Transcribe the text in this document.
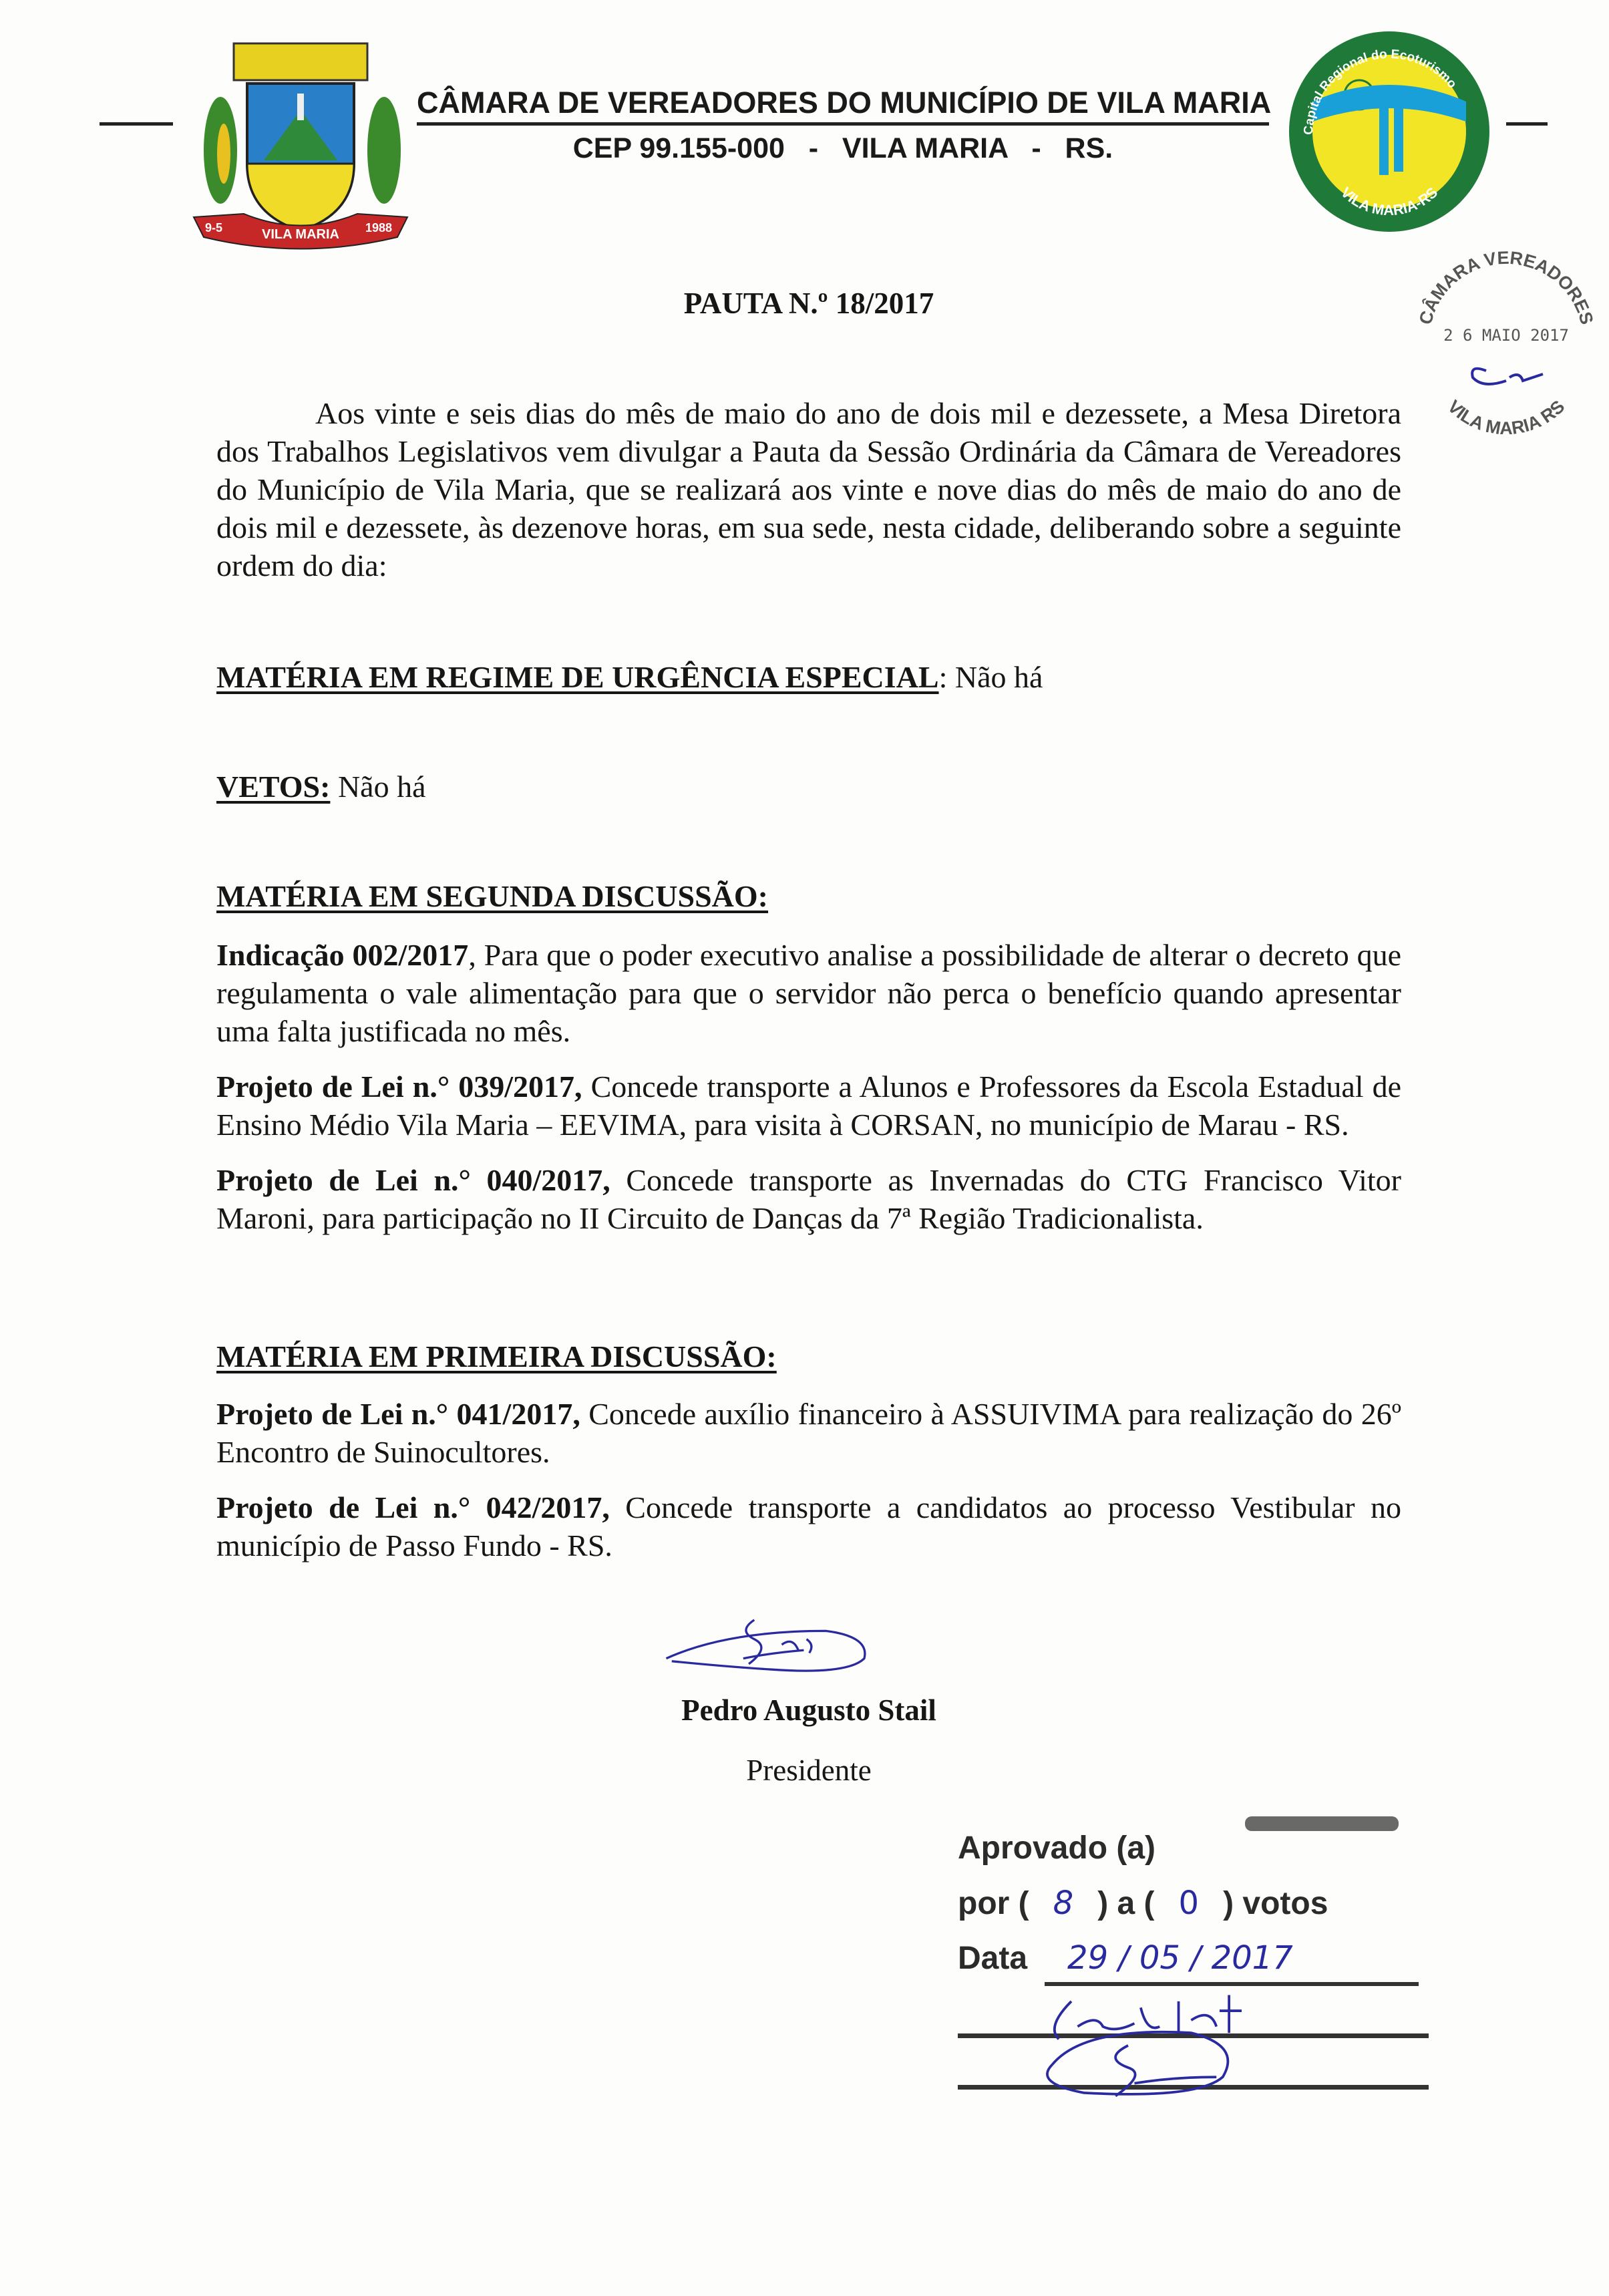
9-5	VILA MARIA 1988
CÂMARA DE VEREADORES DO MUNICÍPIO DE VILA MARIA
CEP 99.155-000   -   VILA MARIA   -   RS.
Capital Regional do Ecoturismo
VILA MARIA-RS
CÂMARA VEREADORES
VILA MARIA RS
2 6 MAIO 2017
PAUTA N.º 18/2017
Aos vinte e seis dias do mês de maio do ano de dois mil e dezessete, a Mesa Diretora dos Trabalhos Legislativos vem divulgar a Pauta da Sessão Ordinária da Câmara de Vereadores do Município de Vila Maria, que se realizará aos vinte e nove dias do mês de maio do ano de dois mil e dezessete, às dezenove horas, em sua sede, nesta cidade, deliberando sobre a seguinte ordem do dia:
MATÉRIA EM REGIME DE URGÊNCIA ESPECIAL: Não há
VETOS: Não há
MATÉRIA EM SEGUNDA DISCUSSÃO:
Indicação 002/2017, Para que o poder executivo analise a possibilidade de alterar o decreto que regulamenta o vale alimentação para que o servidor não perca o benefício quando apresentar uma falta justificada no mês.
Projeto de Lei n.° 039/2017, Concede transporte a Alunos e Professores da Escola Estadual de Ensino Médio Vila Maria – EEVIMA, para visita à CORSAN, no município de Marau - RS.
Projeto de Lei n.° 040/2017, Concede transporte as Invernadas do CTG Francisco Vitor Maroni, para participação no II Circuito de Danças da 7ª Região Tradicionalista.
MATÉRIA EM PRIMEIRA DISCUSSÃO:
Projeto de Lei n.° 041/2017, Concede auxílio financeiro à ASSUIVIMA para realização do 26º Encontro de Suinocultores.
Projeto de Lei n.° 042/2017, Concede transporte a candidatos ao processo Vestibular no município de Passo Fundo - RS.
Pedro Augusto Stail
Presidente
Aprovado (a)
por ( 8 ) a ( 0 ) votos
Data 29 / 05 / 2017
